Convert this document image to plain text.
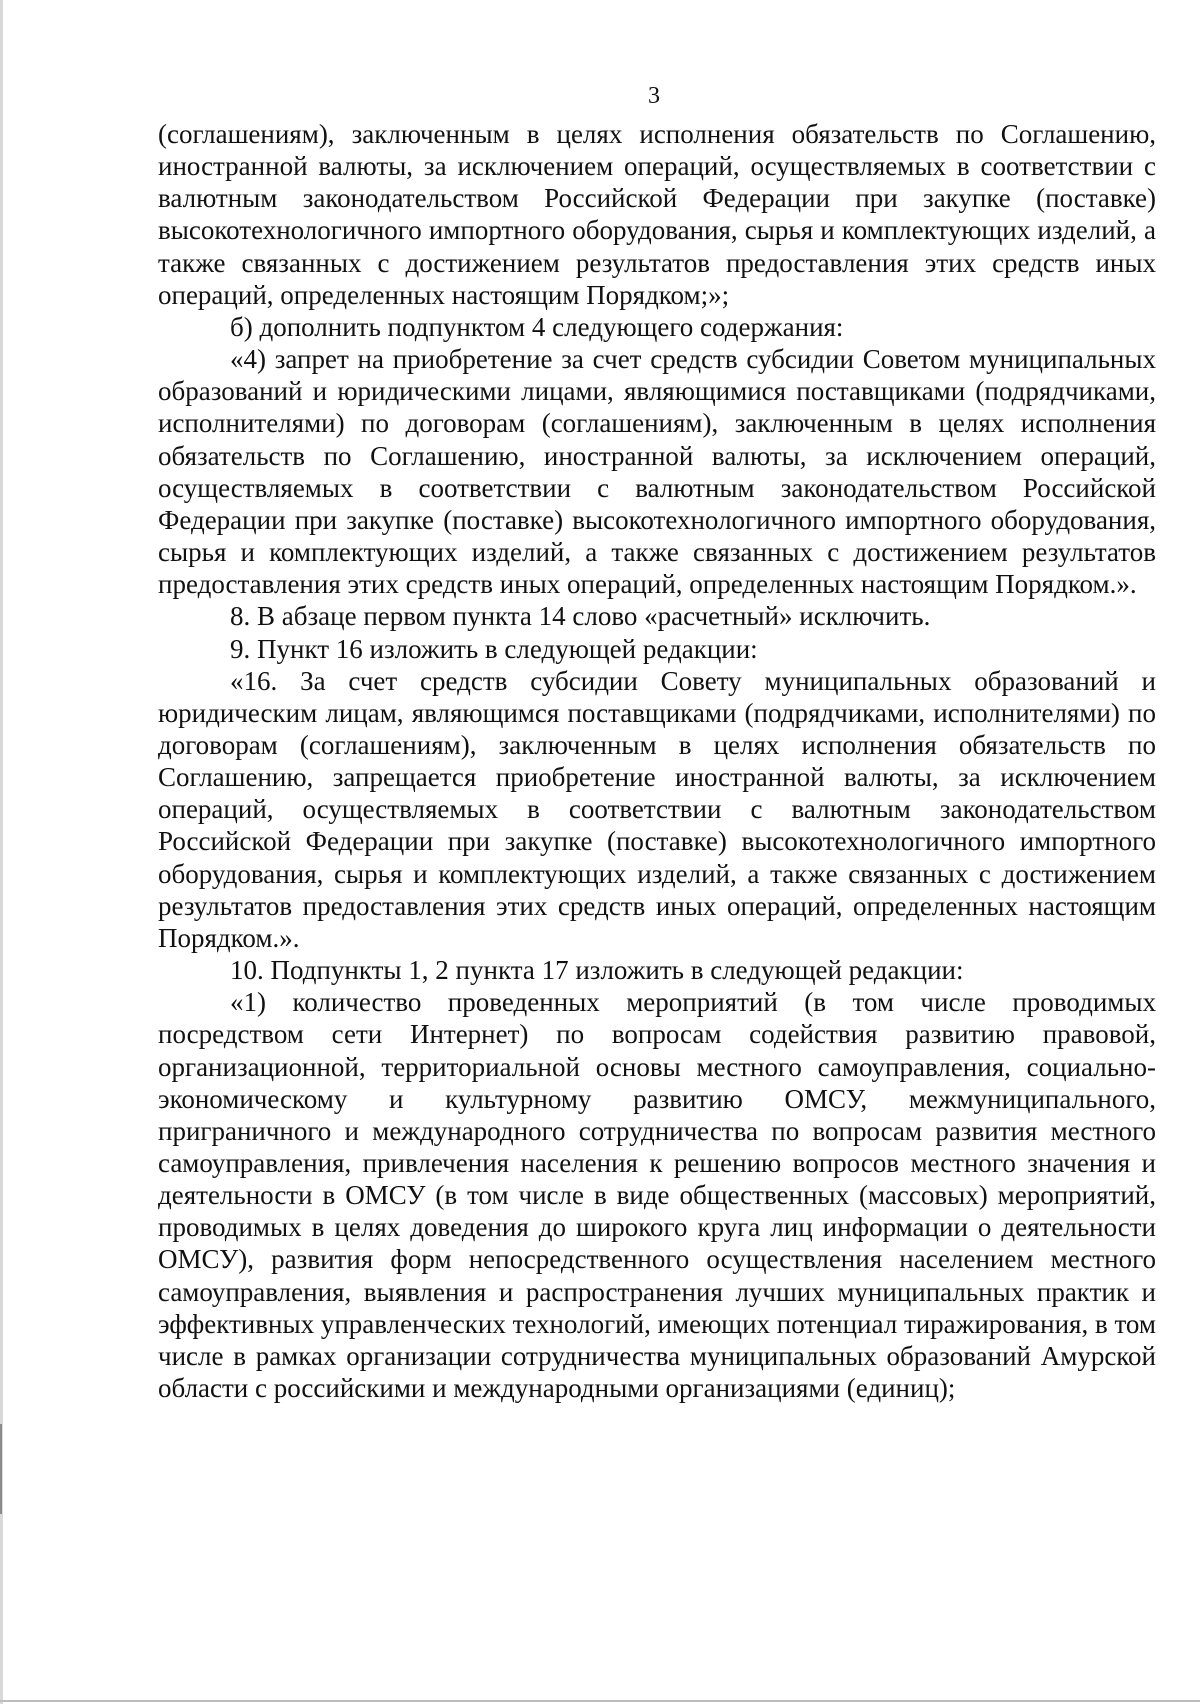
3

(соглашениям), заключенным в целях исполнения обязательств по Соглашению, иностранной валюты, за исключением операций, осуществляемых в соответствии с валютным законодательством Российской Федерации при закупке (поставке) высокотехнологичного импортного оборудования, сырья и комплектующих изделий, а также связанных с достижением результатов предоставления этих средств иных операций, определенных настоящим Порядком;»;

б) дополнить подпунктом 4 следующего содержания:

«4) запрет на приобретение за счет средств субсидии Советом муниципальных образований и юридическими лицами, являющимися поставщиками (подрядчиками, исполнителями) по договорам (соглашениям), заключенным в целях исполнения обязательств по Соглашению, иностранной валюты, за исключением операций, осуществляемых в соответствии с валютным законодательством Российской Федерации при закупке (поставке) высокотехнологичного импортного оборудования, сырья и комплектующих изделий, а также связанных с достижением результатов предоставления этих средств иных операций, определенных настоящим Порядком.».

8. В абзаце первом пункта 14 слово «расчетный» исключить.

9. Пункт 16 изложить в следующей редакции:

«16. За счет средств субсидии Совету муниципальных образований и юридическим лицам, являющимся поставщиками (подрядчиками, исполнителями) по договорам (соглашениям), заключенным в целях исполнения обязательств по Соглашению, запрещается приобретение иностранной валюты, за исключением операций, осуществляемых в соответствии с валютным законодательством Российской Федерации при закупке (поставке) высокотехнологичного импортного оборудования, сырья и комплектующих изделий, а также связанных с достижением результатов предоставления этих средств иных операций, определенных настоящим Порядком.».

10. Подпункты 1, 2 пункта 17 изложить в следующей редакции:

«1) количество проведенных мероприятий (в том числе проводимых посредством сети Интернет) по вопросам содействия развитию правовой, организационной, территориальной основы местного самоуправления, социально-экономическому и культурному развитию ОМСУ, межмуниципального, приграничного и международного сотрудничества по вопросам развития местного самоуправления, привлечения населения к решению вопросов местного значения и деятельности в ОМСУ (в том числе в виде общественных (массовых) мероприятий, проводимых в целях доведения до широкого круга лиц информации о деятельности ОМСУ), развития форм непосредственного осуществления населением местного самоуправления, выявления и распространения лучших муниципальных практик и эффективных управленческих технологий, имеющих потенциал тиражирования, в том числе в рамках организации сотрудничества муниципальных образований Амурской области с российскими и международными организациями (единиц);
